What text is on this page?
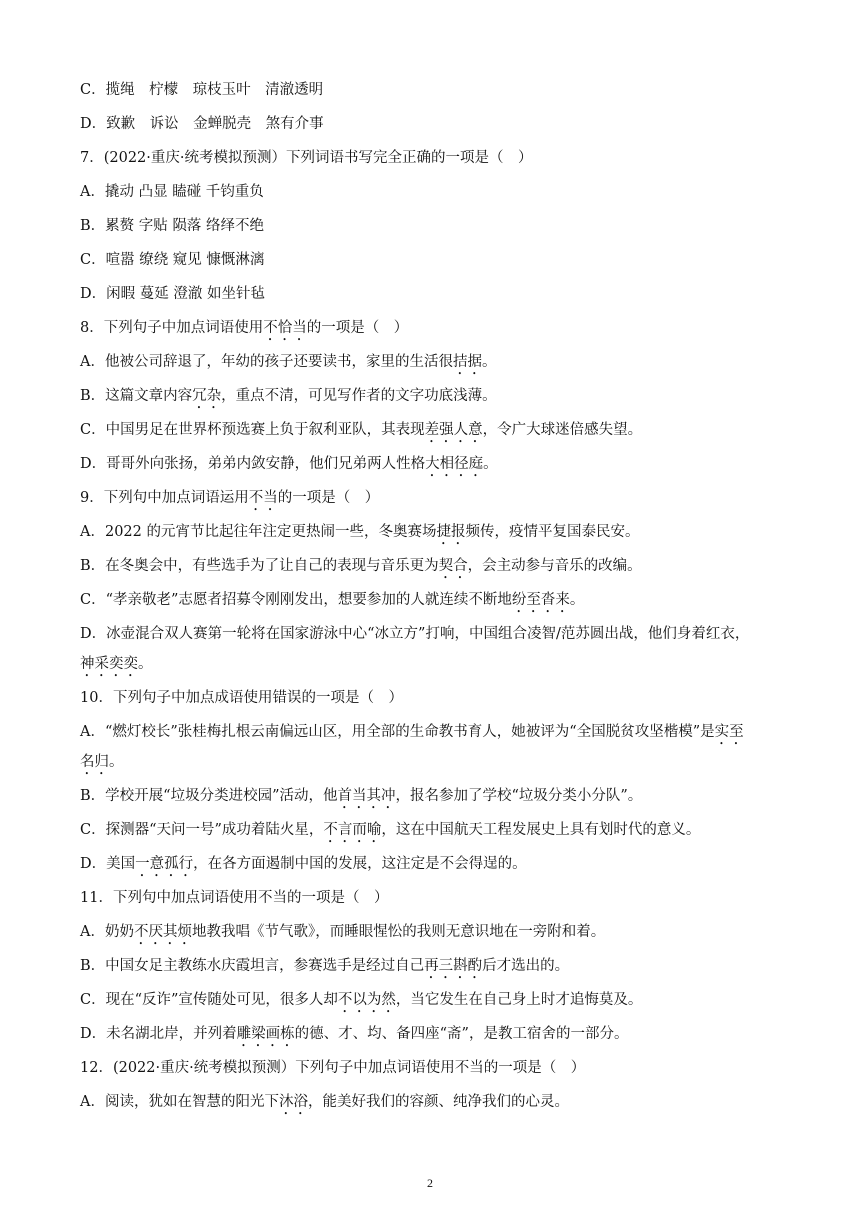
C．揽绳　柠檬　琼枝玉叶　清澈透明
D．致歉　诉讼　金蝉脱壳　煞有介事
7．(2022·重庆·统考模拟预测）下列词语书写完全正确的一项是（　）
A．撬动 凸显 瞌碰 千钧重负
B．累赘 字贴 陨落 络绎不绝
C．喧嚣 缭绕 窥见 慷慨淋漓
D．闲暇 蔓延 澄澈 如坐针毡
8．下列句子中加点词语使用不恰当的一项是（　）
A．他被公司辞退了，年幼的孩子还要读书，家里的生活很拮据。
B．这篇文章内容冗杂，重点不清，可见写作者的文字功底浅薄。
C．中国男足在世界杯预选赛上负于叙利亚队，其表现差强人意，令广大球迷倍感失望。
D．哥哥外向张扬，弟弟内敛安静，他们兄弟两人性格大相径庭。
9．下列句中加点词语运用不当的一项是（　）
A．2022 的元宵节比起往年注定更热闹一些，冬奥赛场捷报频传，疫情平复国泰民安。
B．在冬奥会中，有些选手为了让自己的表现与音乐更为契合，会主动参与音乐的改编。
C．“孝亲敬老”志愿者招募令刚刚发出，想要参加的人就连续不断地纷至沓来。
D．冰壶混合双人赛第一轮将在国家游泳中心“冰立方”打响，中国组合凌智/范苏圆出战，他们身着红衣，
神采奕奕。
10．下列句子中加点成语使用错误的一项是（　）
A．“燃灯校长”张桂梅扎根云南偏远山区，用全部的生命教书育人，她被评为“全国脱贫攻坚楷模”是实至
名归。
B．学校开展“垃圾分类进校园”活动，他首当其冲，报名参加了学校“垃圾分类小分队”。
C．探测器“天问一号”成功着陆火星，不言而喻，这在中国航天工程发展史上具有划时代的意义。
D．美国一意孤行，在各方面遏制中国的发展，这注定是不会得逞的。
11．下列句中加点词语使用不当的一项是（　）
A．奶奶不厌其烦地教我唱《节气歌》，而睡眼惺忪的我则无意识地在一旁附和着。
B．中国女足主教练水庆霞坦言，参赛选手是经过自己再三斟酌后才选出的。
C．现在“反诈”宣传随处可见，很多人却不以为然，当它发生在自己身上时才追悔莫及。
D．未名湖北岸，并列着雕梁画栋的德、才、均、备四座“斋”，是教工宿舍的一部分。
12．(2022·重庆·统考模拟预测）下列句子中加点词语使用不当的一项是（　）
A．阅读，犹如在智慧的阳光下沐浴，能美好我们的容颜、纯净我们的心灵。
2
